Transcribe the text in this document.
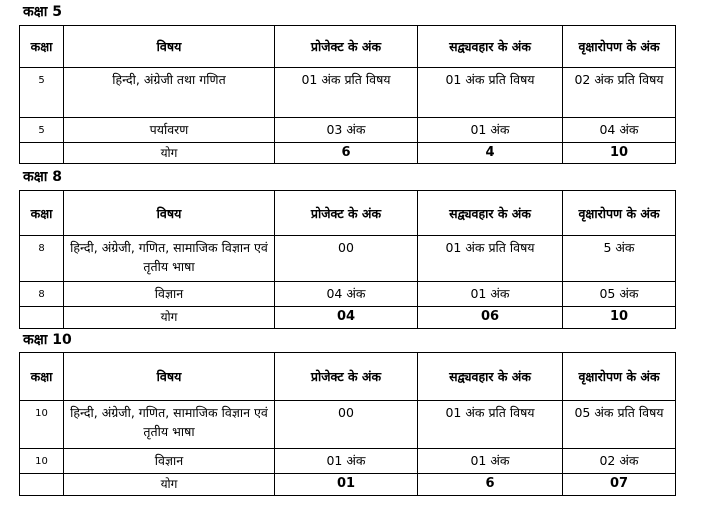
कक्षा 5
कक्षा	विषय	प्रोजेक्ट के अंक	सद्व्यवहार के अंक	वृक्षारोपण के अंक
5	हिन्दी, अंग्रेजी तथा गणित	01 अंक प्रति विषय	01 अंक प्रति विषय	02 अंक प्रति विषय
5	पर्यावरण	03 अंक	01 अंक	04 अंक
	योग	6	4	10
कक्षा 8
कक्षा	विषय	प्रोजेक्ट के अंक	सद्व्यवहार के अंक	वृक्षारोपण के अंक
8	हिन्दी, अंग्रेजी, गणित, सामाजिक विज्ञान एवं तृतीय भाषा	00	01 अंक प्रति विषय	5 अंक
8	विज्ञान	04 अंक	01 अंक	05 अंक
	योग	04	06	10
कक्षा 10
कक्षा	विषय	प्रोजेक्ट के अंक	सद्व्यवहार के अंक	वृक्षारोपण के अंक
10	हिन्दी, अंग्रेजी, गणित, सामाजिक विज्ञान एवं तृतीय भाषा	00	01 अंक प्रति विषय	05 अंक प्रति विषय
10	विज्ञान	01 अंक	01 अंक	02 अंक
	योग	01	6	07
